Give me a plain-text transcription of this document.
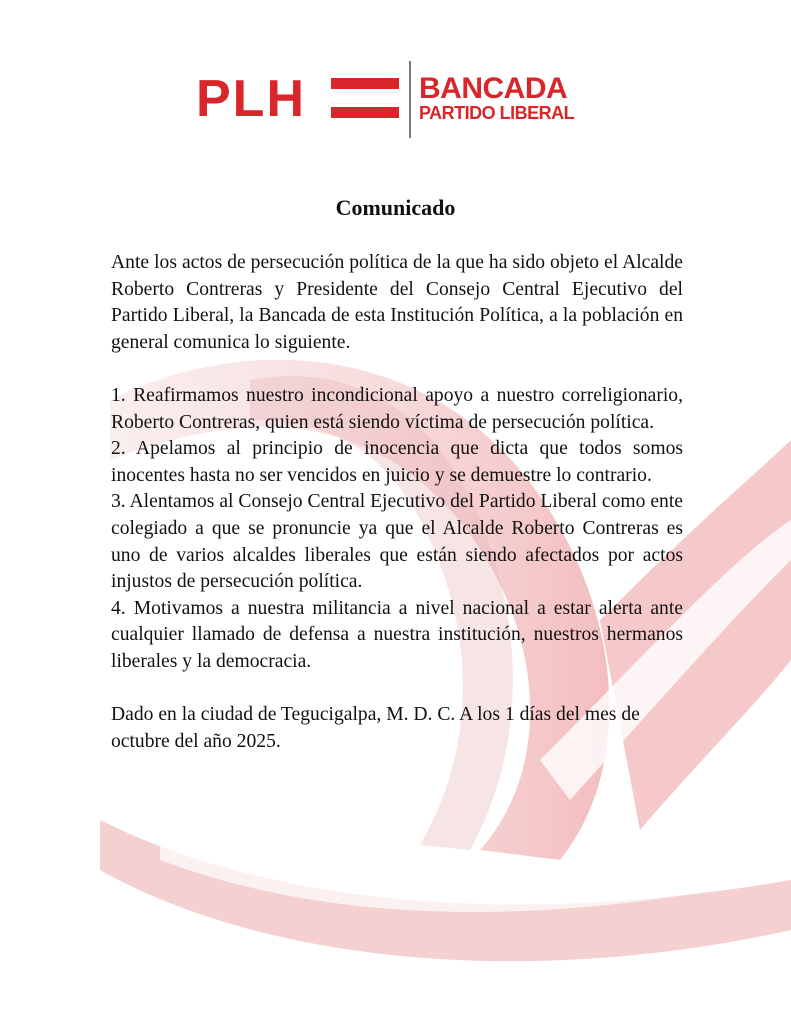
PLH	BANCADA
PARTIDO LIBERAL
Comunicado

Ante los actos de persecución política de la que ha sido objeto el Alcalde Roberto Contreras y Presidente del Consejo Central Ejecutivo del Partido Liberal, la Bancada de esta Institución Política, a la población en general comunica lo siguiente.

1. Reafirmamos nuestro incondicional apoyo a nuestro correligionario, Roberto Contreras, quien está siendo víctima de persecución política.
2. Apelamos al principio de inocencia que dicta que todos somos inocentes hasta no ser vencidos en juicio y se demuestre lo contrario.
3. Alentamos al Consejo Central Ejecutivo del Partido Liberal como ente colegiado a que se pronuncie ya que el Alcalde Roberto Contreras es uno de varios alcaldes liberales que están siendo afectados por actos injustos de persecución política.
4. Motivamos a nuestra militancia a nivel nacional a estar alerta ante cualquier llamado de defensa a nuestra institución, nuestros hermanos liberales y la democracia.

Dado en la ciudad de Tegucigalpa, M. D. C. A los 1 días del mes de octubre del año 2025.
